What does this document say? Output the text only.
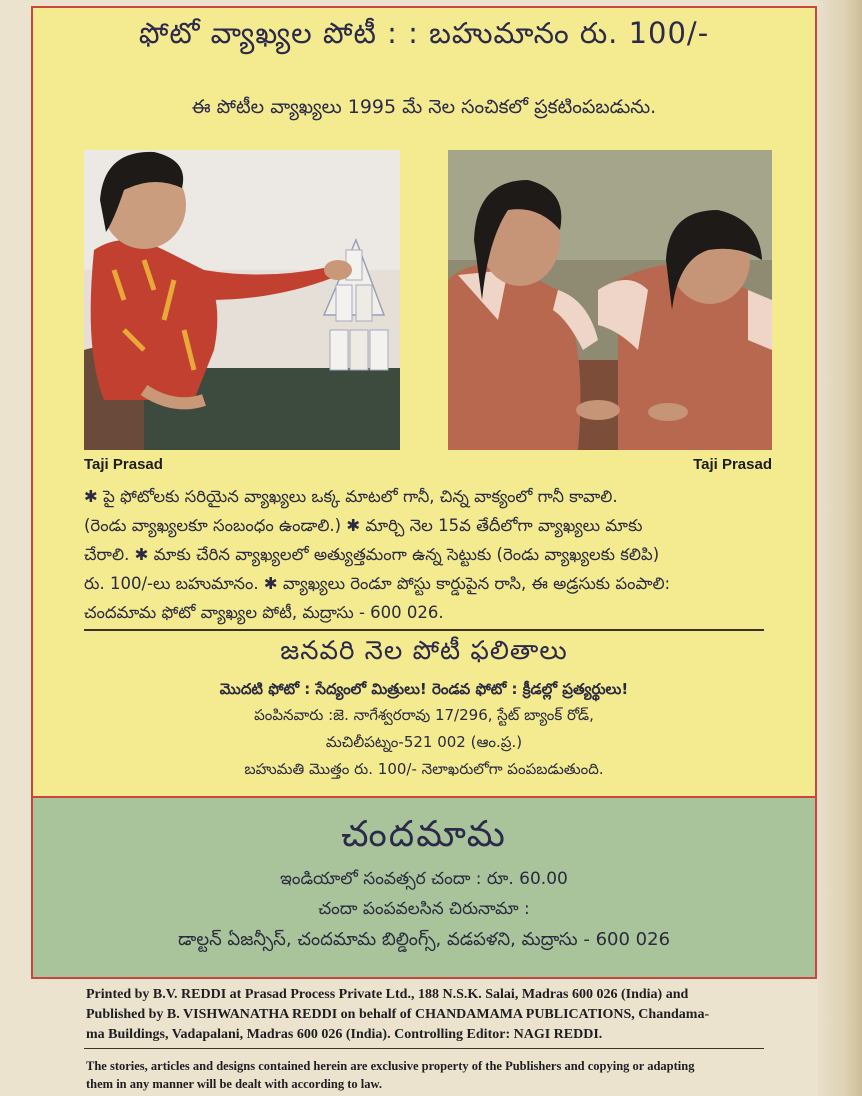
ఫోటో వ్యాఖ్యల పోటీ : : బహుమానం రు. 100/-
ఈ పోటీల వ్యాఖ్యలు 1995 మే నెల సంచికలో ప్రకటింపబడును.
Taji Prasad	Taji Prasad

✱ పై ఫోటోలకు సరియైన వ్యాఖ్యలు ఒక్క మాటలో గానీ, చిన్న వాక్యంలో గానీ కావాలి.

(రెండు వ్యాఖ్యలకూ సంబంధం ఉండాలి.) ✱ మార్చి నెల 15వ తేదీలోగా వ్యాఖ్యలు మాకు

చేరాలి. ✱ మాకు చేరిన వ్యాఖ్యలలో అత్యుత్తమంగా ఉన్న సెట్టుకు (రెండు వ్యాఖ్యలకు కలిపి)

రు. 100/-లు బహుమానం. ✱ వ్యాఖ్యలు రెండూ పోస్టు కార్డుపైన రాసి, ఈ అడ్రసుకు పంపాలి:

చందమామ ఫోటో వ్యాఖ్యల పోటీ, మద్రాసు - 600 026.

జనవరి నెల పోటీ ఫలితాలు
మొదటి ఫోటో : సేద్యంలో మిత్రులు! రెండవ ఫోటో : క్రీడల్లో ప్రత్యర్థులు!
పంపినవారు :జె. నాగేశ్వరరావు 17/296, స్టేట్ బ్యాంక్ రోడ్,
మచిలీపట్నం-521 002 (ఆం.ప్ర.)
బహుమతి మొత్తం రు. 100/- నెలాఖరులోగా పంపబడుతుంది.
చందమామ
ఇండియాలో సంవత్సర చందా : రూ. 60.00
చందా పంపవలసిన చిరునామా :
డాల్టన్ ఏజన్సీస్, చందమామ బిల్డింగ్స్, వడపళని, మద్రాసు - 600 026

Printed by B.V. REDDI at Prasad Process Private Ltd., 188 N.S.K. Salai, Madras 600 026 (India) and

Published by B. VISHWANATHA REDDI on behalf of CHANDAMAMA PUBLICATIONS, Chandama-

ma Buildings, Vadapalani, Madras 600 026 (India). Controlling Editor: NAGI REDDI.

The stories, articles and designs contained herein are exclusive property of the Publishers and copying or adapting

them in any manner will be dealt with according to law.
